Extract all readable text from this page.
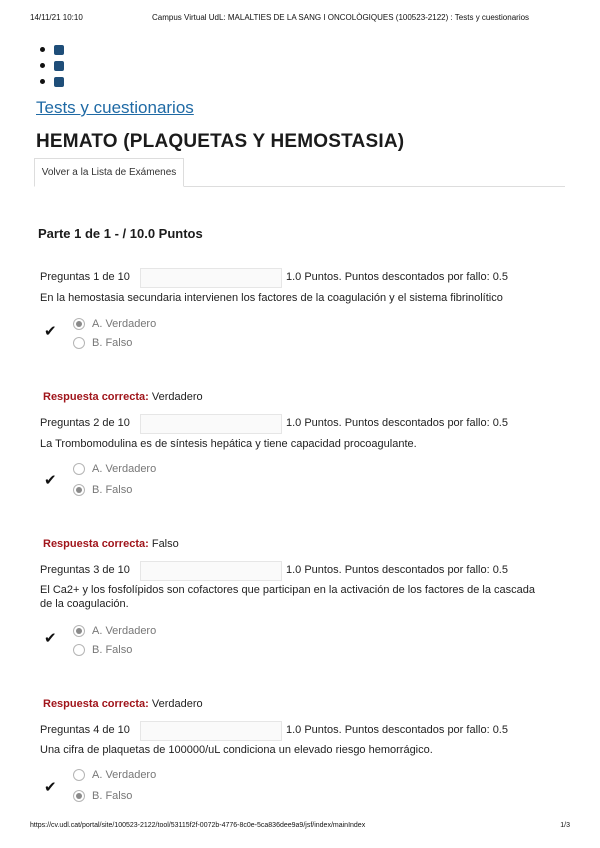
14/11/21 10:10	Campus Virtual UdL: MALALTIES DE LA SANG I ONCOLÒGIQUES (100523-2122) : Tests y cuestionarios
Tests y cuestionarios
HEMATO (PLAQUETAS Y HEMOSTASIA)
Volver a la Lista de Exámenes
Parte 1 de 1 - / 10.0 Puntos
Preguntas 1 de 10	1.0 Puntos. Puntos descontados por fallo: 0.5
En la hemostasia secundaria intervienen los factores de la coagulación y el sistema fibrinolítico
✔	A. Verdadero
B. Falso
Respuesta correcta: Verdadero
Preguntas 2 de 10	1.0 Puntos. Puntos descontados por fallo: 0.5
La Trombomodulina es de síntesis hepática y tiene capacidad procoagulante.
A. Verdadero
✔
B. Falso
Respuesta correcta: Falso
Preguntas 3 de 10	1.0 Puntos. Puntos descontados por fallo: 0.5
El Ca2+ y los fosfolípidos son cofactores que participan en la activación de los factores de la cascada de la coagulación.
✔	A. Verdadero
B. Falso
Respuesta correcta: Verdadero
Preguntas 4 de 10	1.0 Puntos. Puntos descontados por fallo: 0.5
Una cifra de plaquetas de 100000/uL condiciona un elevado riesgo hemorrágico.
A. Verdadero
✔	B. Falso
https://cv.udl.cat/portal/site/100523-2122/tool/53115f2f-0072b-4776-8c0e-5ca836dee9a9/jsf/index/mainIndex	1/3
